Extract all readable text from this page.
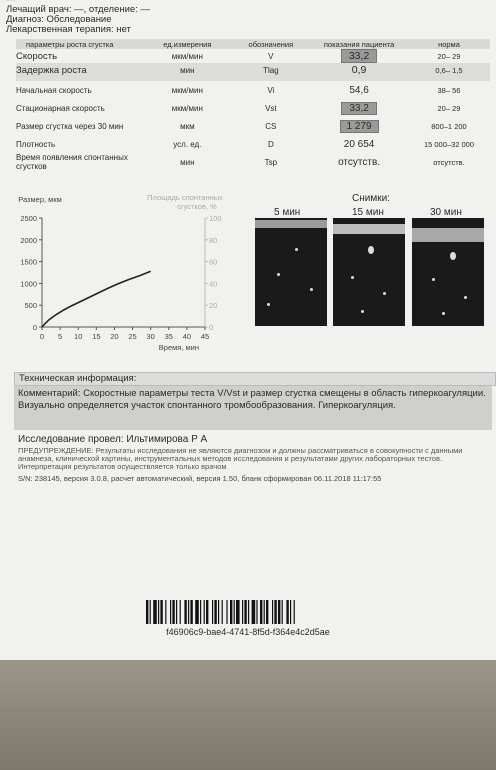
Лечащий врач: —, отделение: —
Диагноз: Обследование
Лекарственная терапия: нет
параметры роста сгустка	ед.измерения	обозначения	показания пациента	норма
Скорость	мкм/мин	V	33,2	20– 29
Задержка роста	мин	Tlag	0,9	0,6– 1,5

Начальная скорость	мкм/мин	Vi	54,6	38– 56
Стационарная скорость	мкм/мин	Vst	33,2	20– 29
Размер сгустка через 30 мин	мкм	CS	1 279	800–1 200
Плотность	усл. ед.	D	20 654	15 000–32 000
Время появления спонтанных сгустков	мин	Tsp	отсутств.	отсутств.
0
500
1000
1500
2000
2500
0
20
40
60
80
100
0 5 10 15 20 25 30 35 40 45
Размер, мкм	Площадь спонтанных
сгустков, %
Время, мин
Снимки:
5 мин	15 мин	30 мин
Техническая информация:
Комментарий: Скоростные параметры теста V/Vst и размер сгустка смещены в область гиперкоагуляции. Визуально определяется участок спонтанного тромбообразования. Гиперкоагуляция.
Исследование провел: Ильтимирова Р А
ПРЕДУПРЕЖДЕНИЕ: Результаты исследования не являются диагнозом и должны рассматриваться в совокупности с данными анамнеза, клинической картины, инструментальных методов исследования и результатами других лабораторных тестов. Интерпретация результатов осуществляется только врачом
S/N: 238145, версия 3.0.8, расчет автоматический, версия 1.50, бланк сформирован 06.11.2018 11:17:55
f46906c9-bae4-4741-8f5d-f364e4c2d5ae
